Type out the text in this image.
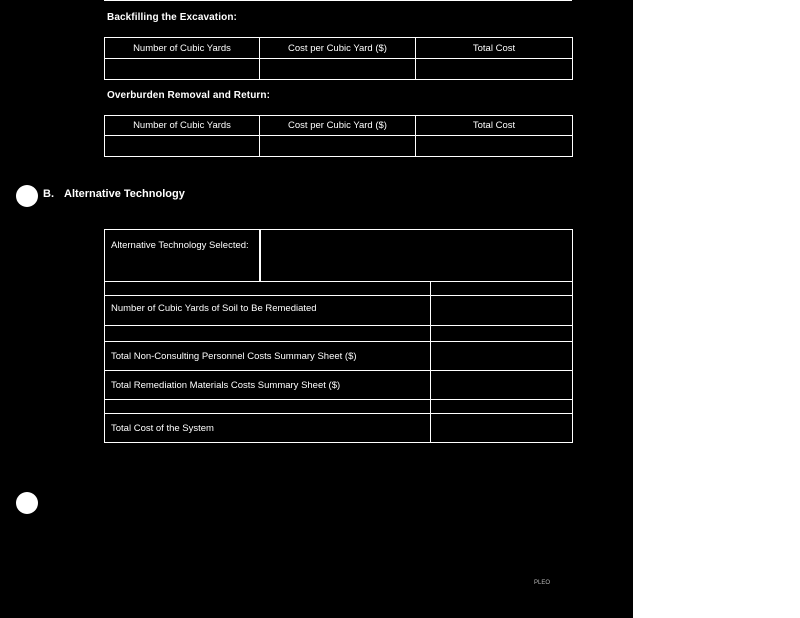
Backfilling the Excavation:
Number of Cubic Yards	Cost per Cubic Yard ($)	Total Cost

Overburden Removal and Return:
Number of Cubic Yards	Cost per Cubic Yard ($)	Total Cost

B. Alternative Technology
Alternative Technology Selected:		

Number of Cubic Yards of Soil to Be Remediated		

Total Non-Consulting Personnel Costs Summary Sheet ($)		
Total Remediation Materials Costs Summary Sheet ($)		

Total Cost of the System		
PLEO
